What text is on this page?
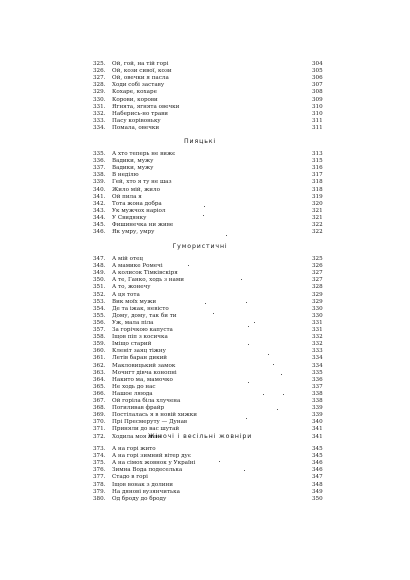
325. Ой, гой, на тій горі	304
326. Ой, кози сивої, кози	305
327. Ой, овечки я пасла	306
328. Ходи собі заставу	307
329. Кохаре, кохаре	308
330. Корови, корови	309
331. Ягнята, ягнята овечки	310
332. Наберись-но трави	310
333. Пасу корівоньку	311
334. Помала, овечки	311
Пияцькі
335. А хто теперь не вижє	313
336. Вадики, мужу	315
337. Вадики, мужу	316
338. В неділю	317
339. Гей, хто я ту не шаз	318
340. Жило мій, жило	318
341. Ой пила я	319
342. Тота жона добра	320
343. Ук мужчох наріол	321
344. У Свидянку	321
345. Фишинечка ни живе	322
346. Як умру, умру	322
Гумористичні
347. А мій отец	325
348. А мамике Ромечі	326
349. А колисок Тімківскіря	327
350. А те, Ганко, ходь з нами	327
351. А то, жонечу	328
352. А ця тота	329
353. Вик моїх мужи	329
354. Де та іжак, невісто	330
355. Дому, дому, так би ти	330
356. Уж, мала піла	331
357. За горічкою капуста	331
358. Іщов піп з косичка	332
359. Іміщо старий	332
360. Кленіт заяц тіжну	333
361. Летів баран дикий	334
362. Макловицький замок	334
363. Мочнгт дівча конопні	335
364. Накито ма, мамочко	336
365. Не ходь до нас	337
366. Нашое ляюда	338
367. Ой горіла біла хлучена	338
368. Погиливав фрайр	339
369. Постілалась я в новій хижки	339
370. Прі Пресмеруту — Дунав	340
371. Приняли до вас шутай	341
372. Ходила моя мені	341
Жіночі і весільні жовніри
373. А на горі жито	345
374. А на горі зимний вітер дує	345
375. А на сімох жовнок у Україні	346
376. Зимна Вода подеселька	346
377. Стадо в горі	347
378. Іщов вонак з долини	348
379. На дянові вузянчитька	349
380. Од броду до броду	350
